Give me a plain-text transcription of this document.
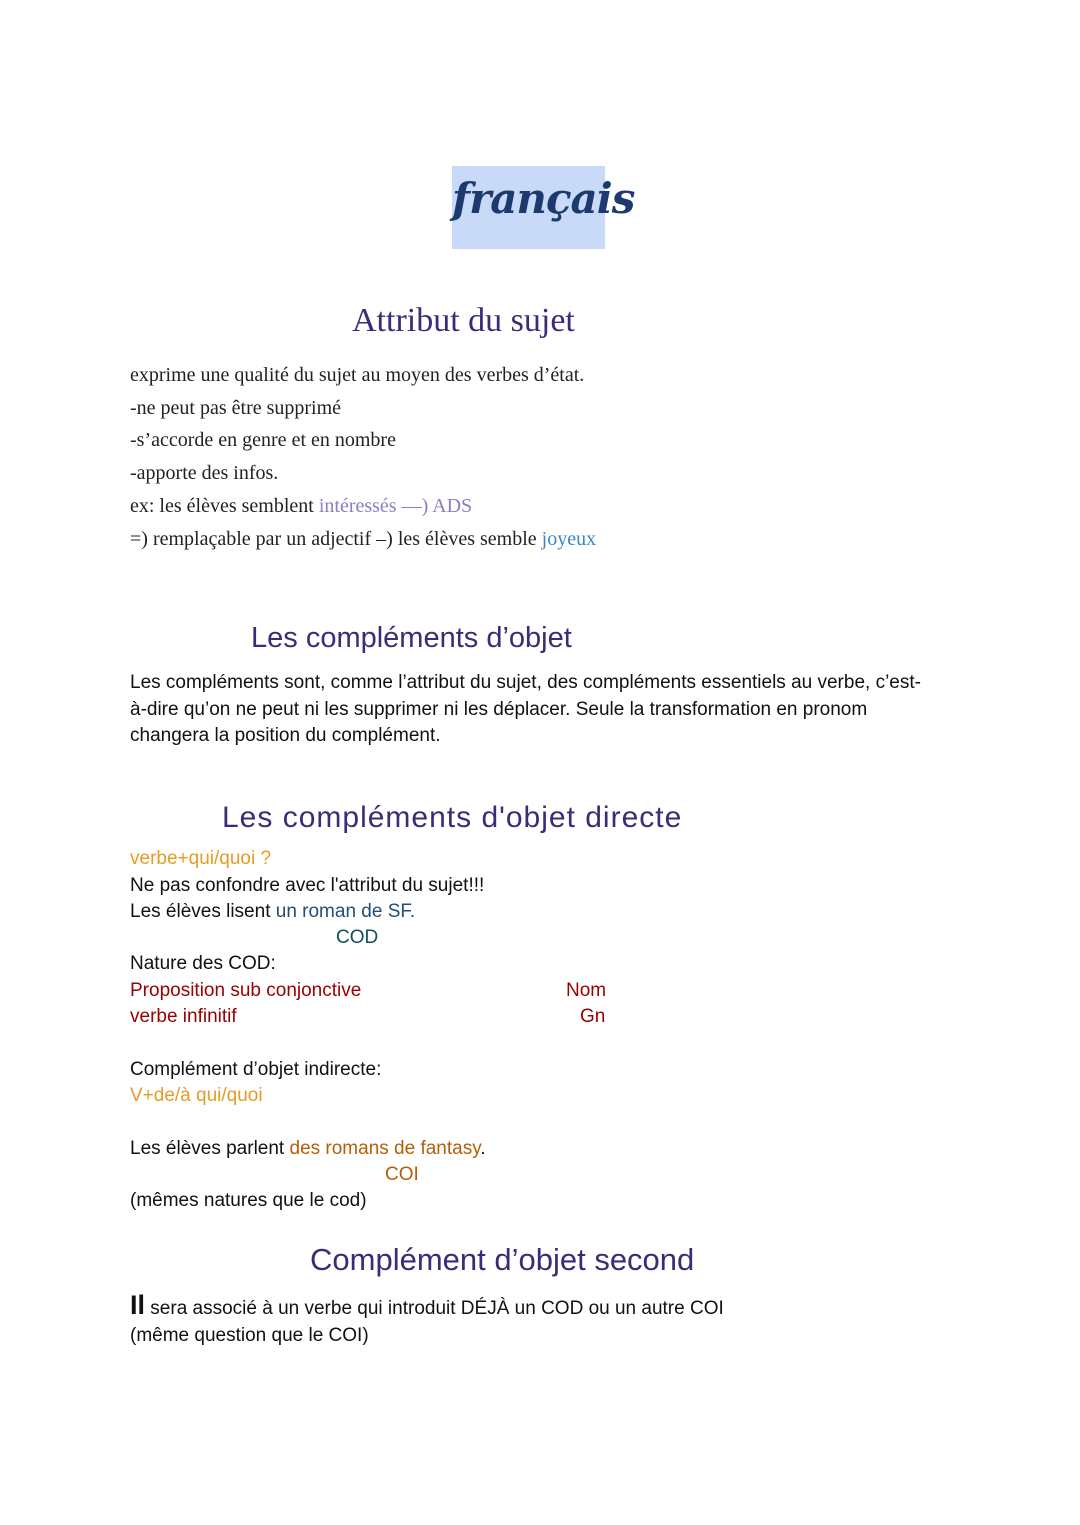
français
Attribut du sujet
exprime une qualité du sujet au moyen des verbes d’état.
-ne peut pas être supprimé
-s’accorde en genre et en nombre
-apporte des infos.
ex: les élèves semblent intéressés —) ADS
=) remplaçable par un adjectif –) les élèves semble joyeux
Les compléments d’objet
Les compléments sont, comme l’attribut du sujet, des compléments essentiels au verbe, c’est-à-dire qu’on ne peut ni les supprimer ni les déplacer. Seule la transformation en pronom changera la position du complément.
Les compléments d'objet directe
verbe+qui/quoi ?
Ne pas confondre avec l'attribut du sujet!!!
Les élèves lisent un roman de SF.
COD
Nature des COD:
Proposition sub conjonctive
verbe infinitif
Nom
Gn
Complément d’objet indirecte:
V+de/à qui/quoi
Les élèves parlent des romans de fantasy.
COI
(mêmes natures que le cod)
Complément d’objet second
Il sera associé à un verbe qui introduit DÉJÀ un COD ou un autre COI
(même question que le COI)
